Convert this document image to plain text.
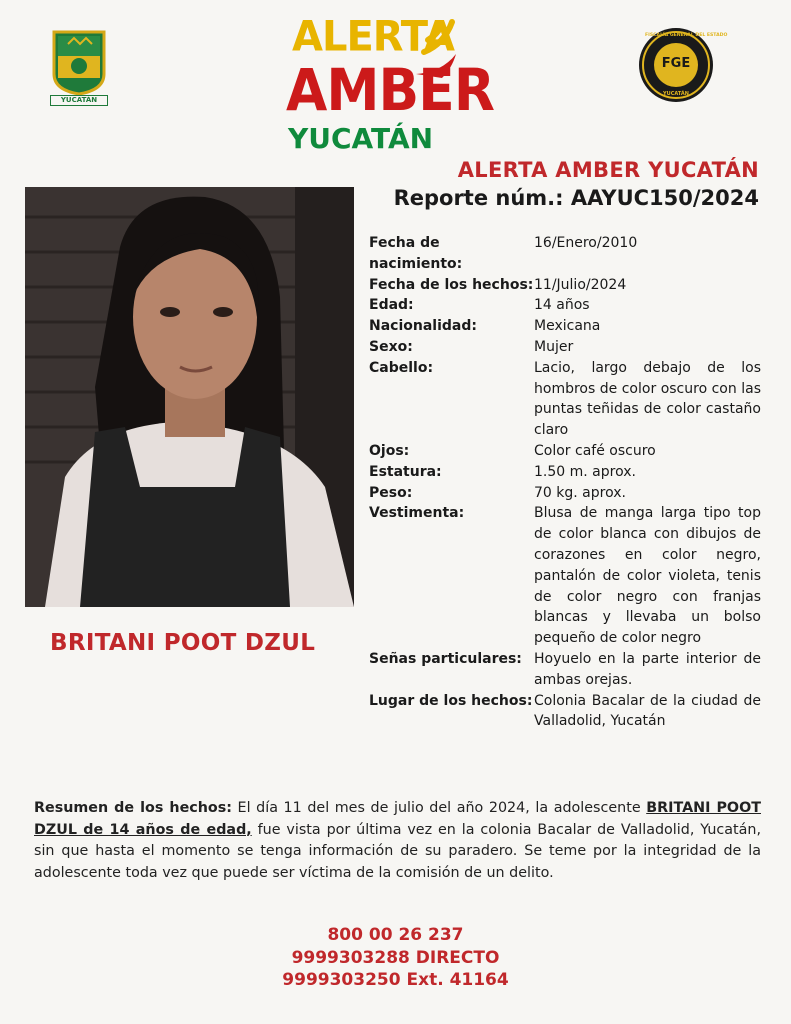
YUCATÁN
ALERTA
AMBER
YUCATÁN
FGE
FISCALÍA GENERAL DEL ESTADO
YUCATÁN
ALERTA AMBER YUCATÁN
Reporte núm.: AAYUC150/2024
BRITANI POOT DZUL
Fecha de nacimiento:
16/Enero/2010
Fecha de los hechos: 11/Julio/2024
Edad:	14 años
Nacionalidad:	Mexicana
Sexo:	Mujer
Cabello:	Lacio, largo debajo de los hombros de color oscuro con las puntas teñidas de color castaño claro
Ojos:	Color café oscuro
Estatura:	1.50 m. aprox.
Peso:	70 kg. aprox.
Vestimenta:	Blusa de manga larga tipo top de color blanca con dibujos de corazones en color negro, pantalón de color violeta, tenis de color negro con franjas blancas y llevaba un bolso pequeño de color negro
Señas particulares: Hoyuelo en la parte interior de ambas orejas.
Lugar de los hechos: Colonia Bacalar de la ciudad de Valladolid, Yucatán
Resumen de los hechos: El día 11 del mes de julio del año 2024, la adolescente BRITANI POOT DZUL de 14 años de edad, fue vista por última vez en la colonia Bacalar de Valladolid, Yucatán, sin que hasta el momento se tenga información de su paradero. Se teme por la integridad de la adolescente toda vez que puede ser víctima de la comisión de un delito.
800 00 26 237
9999303288 DIRECTO
9999303250 Ext. 41164
